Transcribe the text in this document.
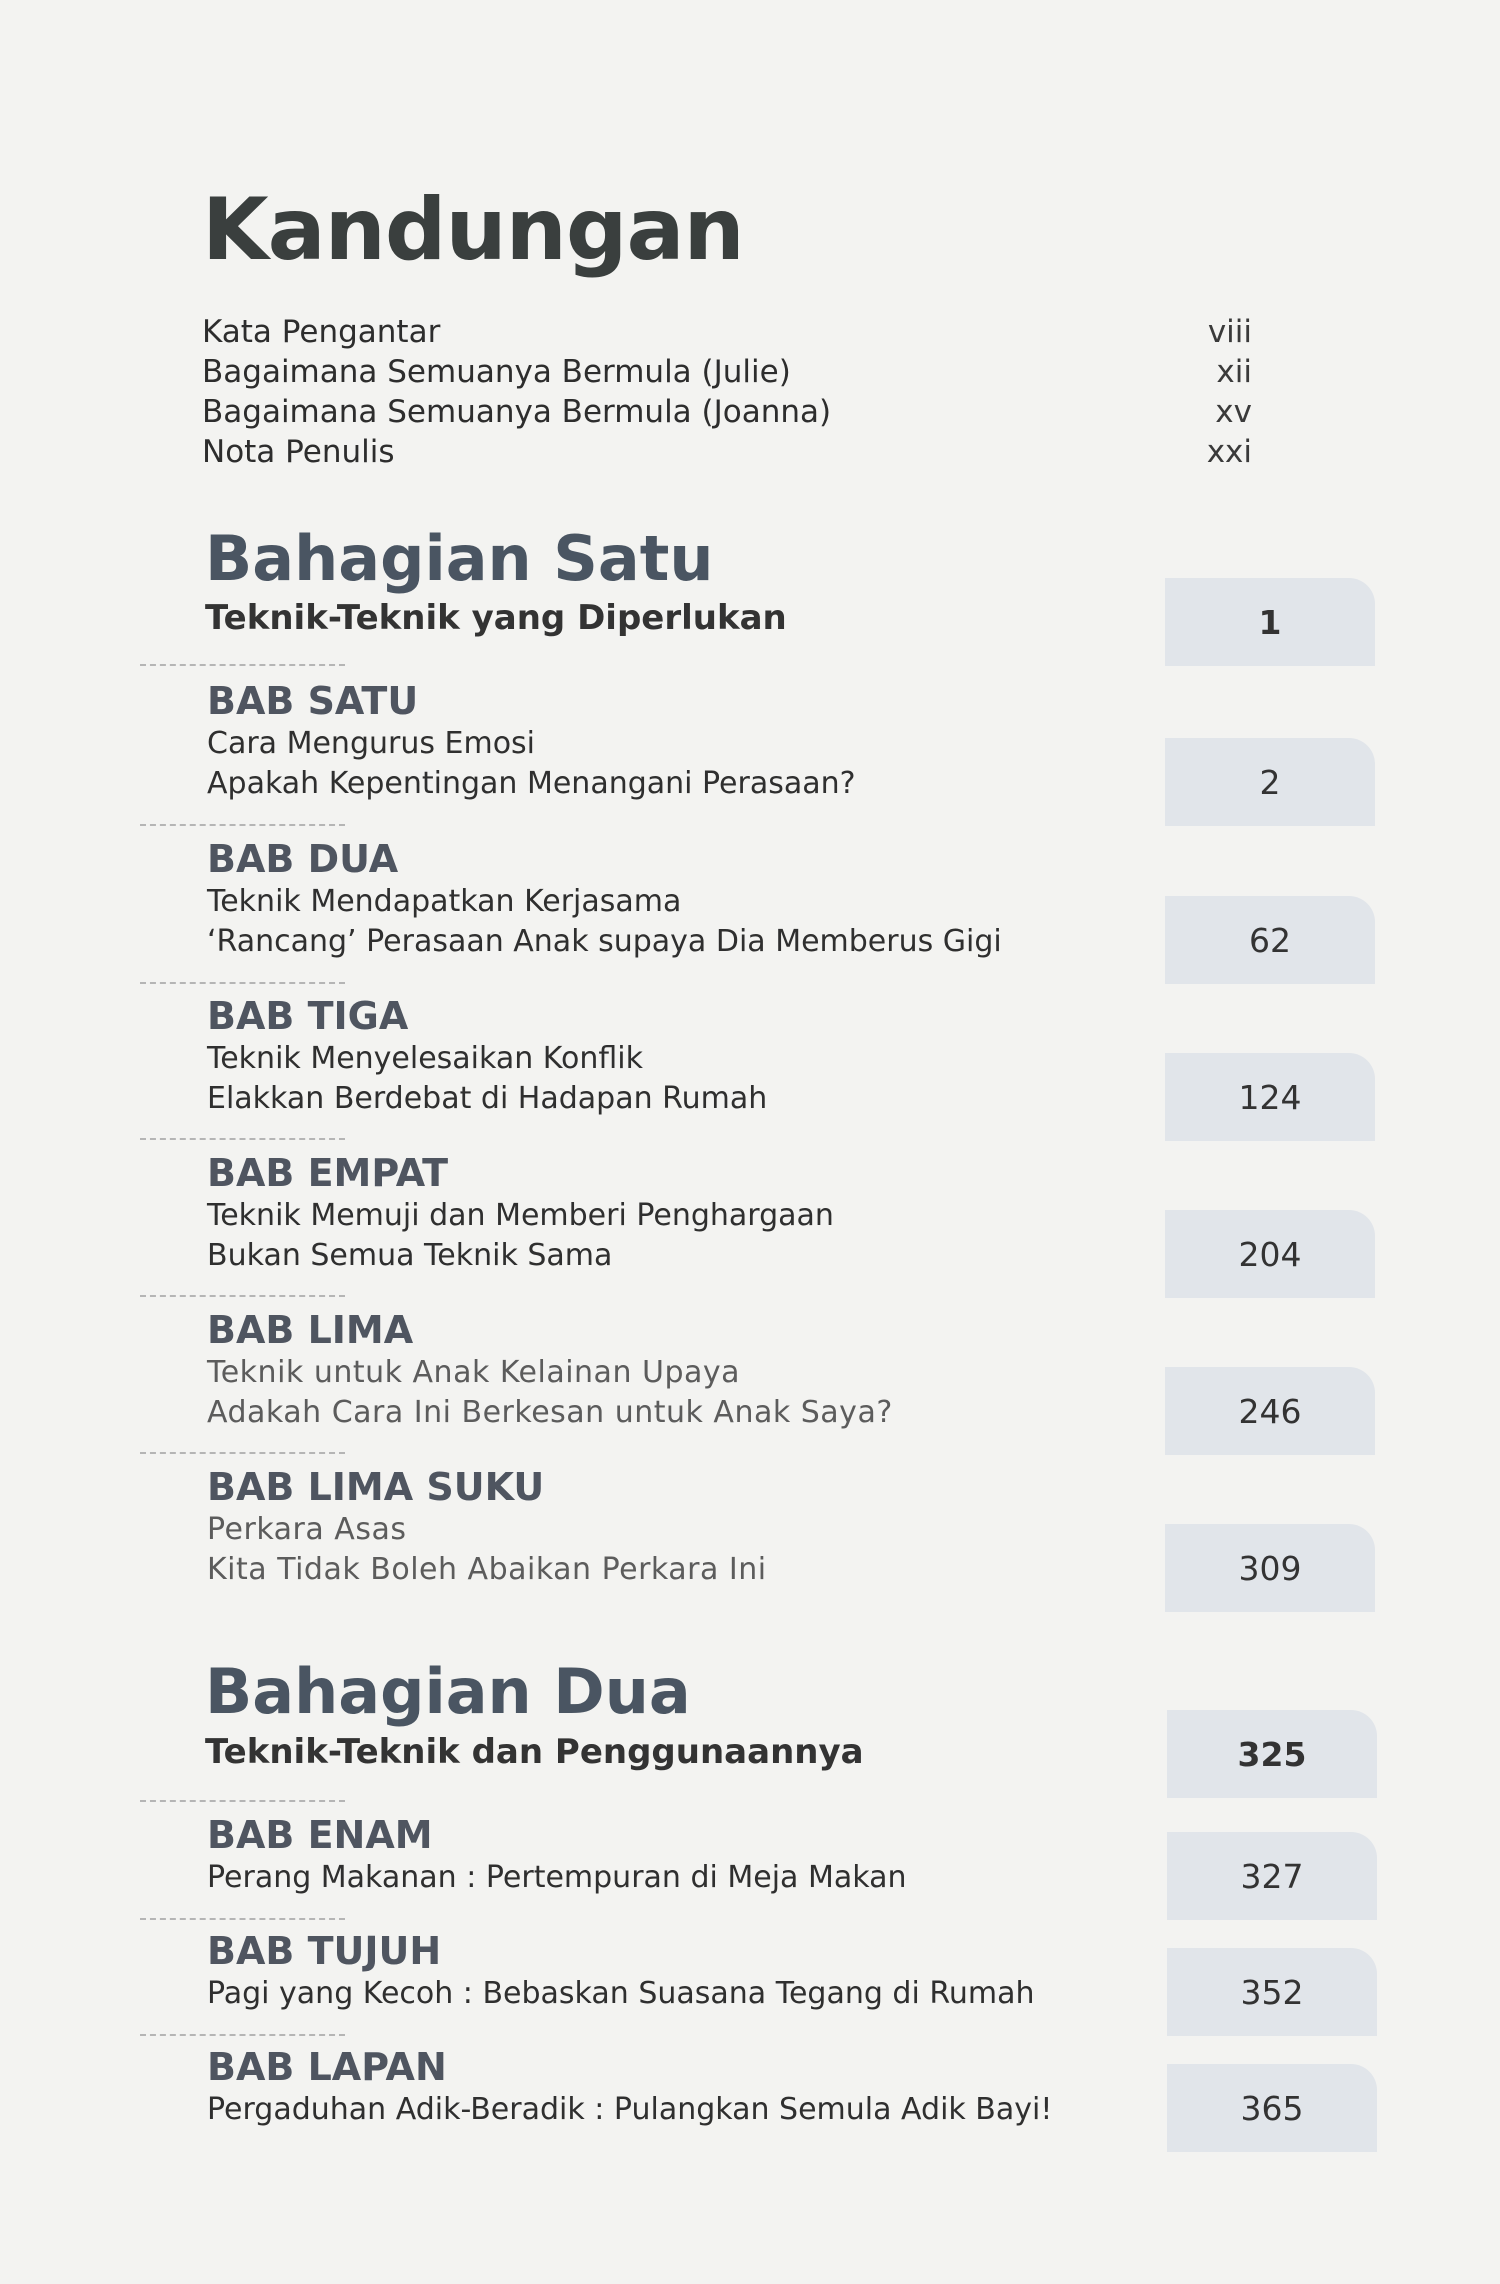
Kandungan
Kata Pengantar	viii
Bagaimana Semuanya Bermula (Julie)	xii
Bagaimana Semuanya Bermula (Joanna)	xv
Nota Penulis	xxi
Bahagian Satu
Teknik-Teknik yang Diperlukan	1
BAB SATU
Cara Mengurus Emosi
Apakah Kepentingan Menangani Perasaan?	2
BAB DUA
Teknik Mendapatkan Kerjasama
‘Rancang’ Perasaan Anak supaya Dia Memberus Gigi	62
BAB TIGA
Teknik Menyelesaikan Konflik
Elakkan Berdebat di Hadapan Rumah	124
BAB EMPAT
Teknik Memuji dan Memberi Penghargaan
Bukan Semua Teknik Sama	204
BAB LIMA
Teknik untuk Anak Kelainan Upaya
Adakah Cara Ini Berkesan untuk Anak Saya?	246
BAB LIMA SUKU
Perkara Asas
Kita Tidak Boleh Abaikan Perkara Ini	309
Bahagian Dua
Teknik-Teknik dan Penggunaannya	325
BAB ENAM
Perang Makanan : Pertempuran di Meja Makan	327
BAB TUJUH
Pagi yang Kecoh : Bebaskan Suasana Tegang di Rumah	352
BAB LAPAN
Pergaduhan Adik-Beradik : Pulangkan Semula Adik Bayi!	365
